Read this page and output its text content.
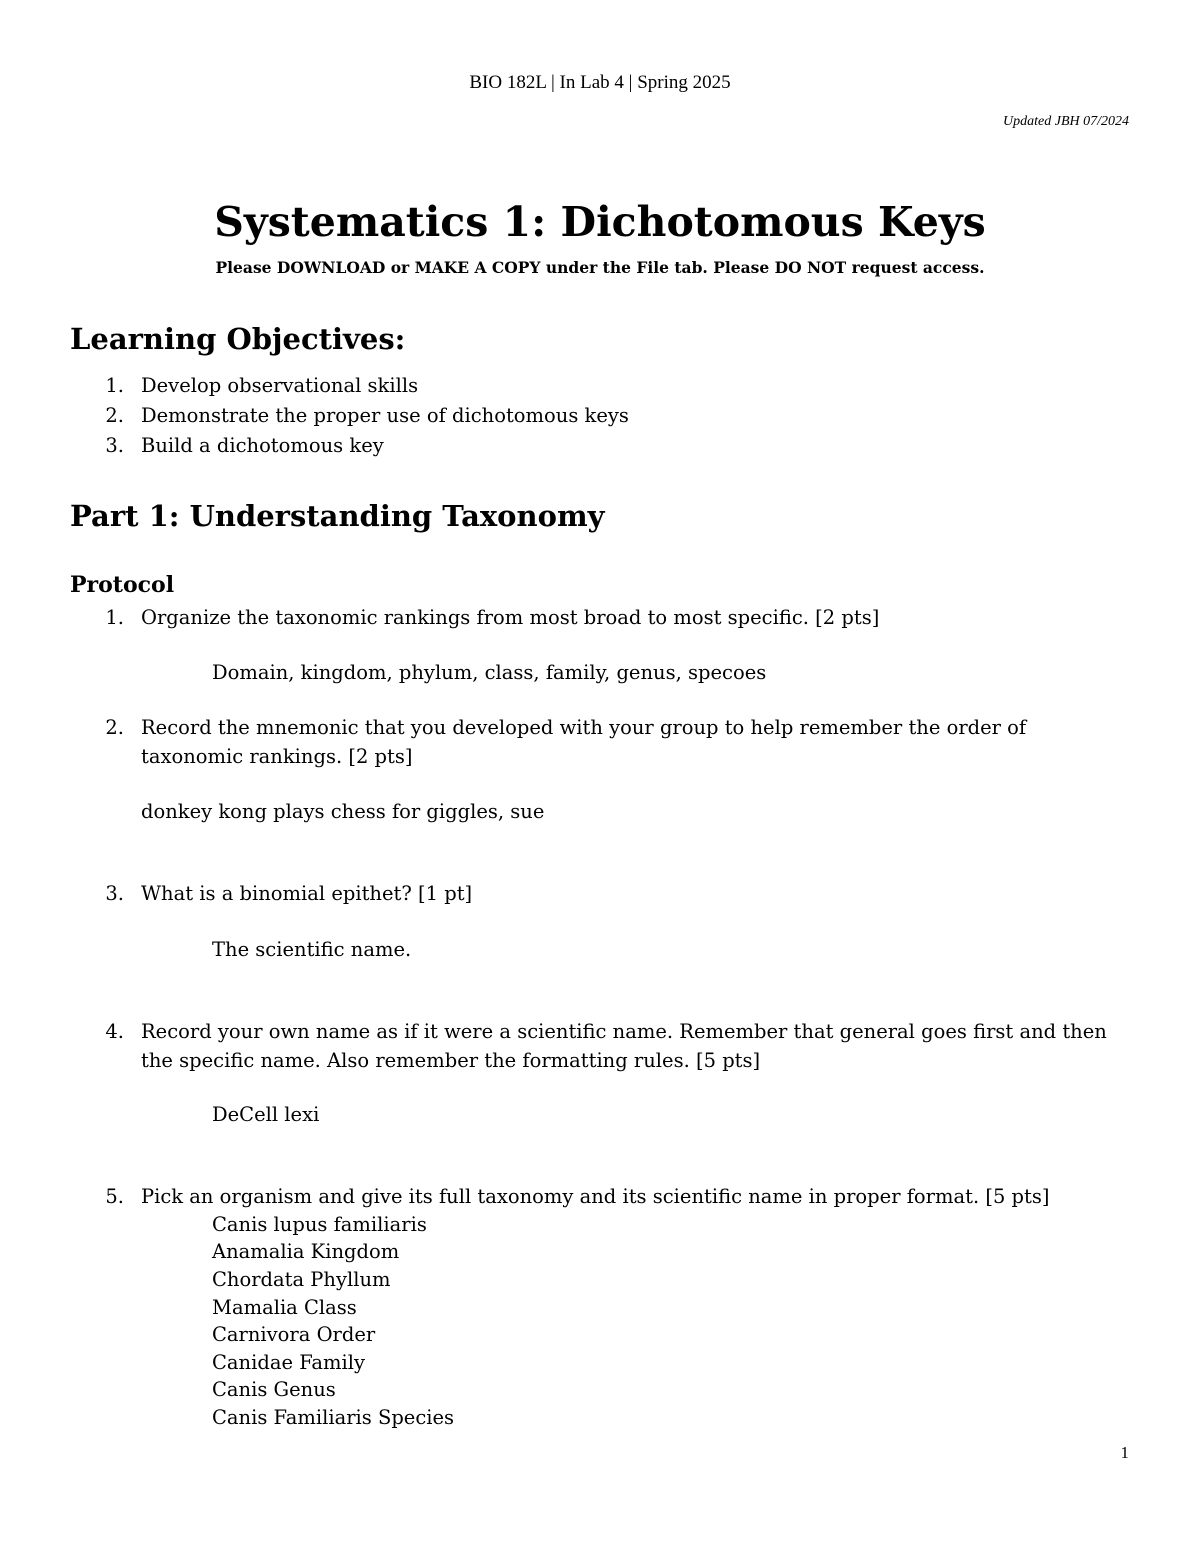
BIO 182L | In Lab 4 | Spring 2025
Updated JBH 07/2024
Systematics 1: Dichotomous Keys
Please DOWNLOAD or MAKE A COPY under the File tab. Please DO NOT request access.
Learning Objectives:
1. Develop observational skills
2. Demonstrate the proper use of dichotomous keys
3. Build a dichotomous key
Part 1: Understanding Taxonomy
Protocol
1. Organize the taxonomic rankings from most broad to most specific. [2 pts]
Domain, kingdom, phylum, class, family, genus, specoes
2. Record the mnemonic that you developed with your group to help remember the order of
taxonomic rankings. [2 pts]
donkey kong plays chess for giggles, sue
3. What is a binomial epithet? [1 pt]
The scientific name.
4. Record your own name as if it were a scientific name. Remember that general goes first and then
the specific name. Also remember the formatting rules. [5 pts]
DeCell lexi
5. Pick an organism and give its full taxonomy and its scientific name in proper format. [5 pts]
Canis lupus familiaris
Anamalia Kingdom
Chordata Phyllum
Mamalia Class
Carnivora Order
Canidae Family
Canis Genus
Canis Familiaris Species
1
